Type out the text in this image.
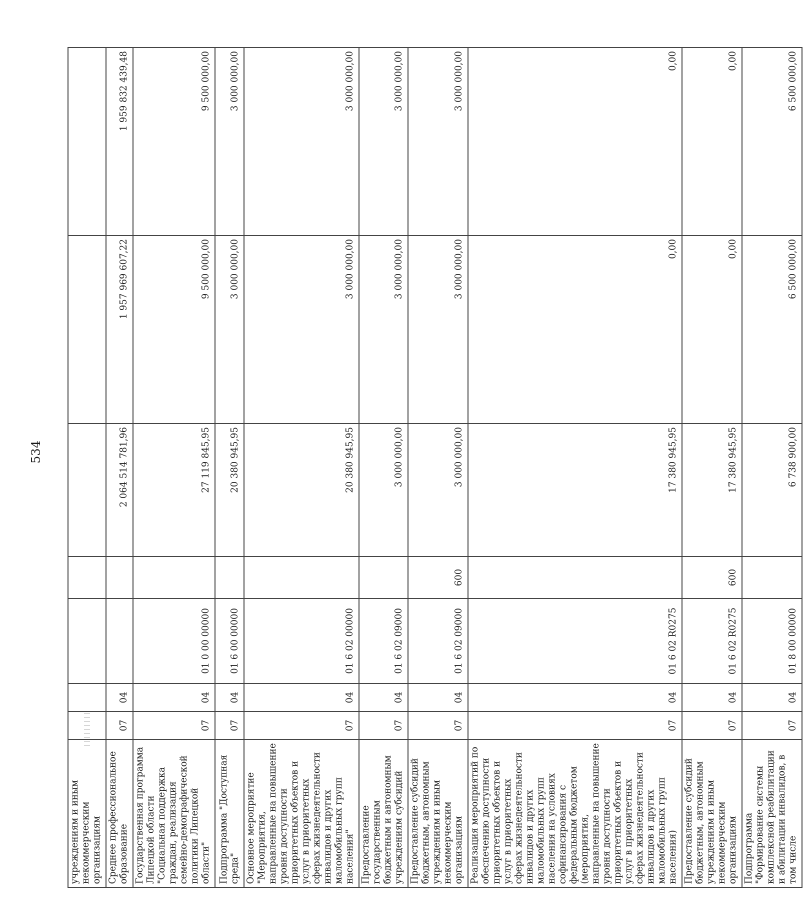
534
учреждениям и иным некоммерческим организациям							
Среднее профессиональное образование	07	04			2 064 514 781,96	1 957 969 607,22	1 959 832 439,48
Государственная программа Липецкой области "Социальная поддержка граждан, реализация семейно-демографической политики Липецкой области"	07	04	01 0 00 00000		27 119 845,95	9 500 000,00	9 500 000,00
Подпрограмма "Доступная среда"	07	04	01 6 00 00000		20 380 945,95	3 000 000,00	3 000 000,00
Основное мероприятие "Мероприятия, направленные на повышение уровня доступности приоритетных объектов и услуг в приоритетных сферах жизнедеятельности инвалидов и других маломобильных групп населения"	07	04	01 6 02 00000		20 380 945,95	3 000 000,00	3 000 000,00
Предоставление государственным бюджетным и автономным учреждениям субсидий	07	04	01 6 02 09000		3 000 000,00	3 000 000,00	3 000 000,00
Предоставление субсидий бюджетным, автономным учреждениям и иным некоммерческим организациям	07	04	01 6 02 09000	600	3 000 000,00	3 000 000,00	3 000 000,00
Реализация мероприятий по обеспечению доступности приоритетных объектов и услуг в приоритетных сферах жизнедеятельности инвалидов и других маломобильных групп населения на условиях софинансирования с федеральным бюджетом (мероприятия, направленные на повышение уровня доступности приоритетных объектов и услуг в приоритетных сферах жизнедеятельности инвалидов и других маломобильных групп населения)	07	04	01 6 02 R0275		17 380 945,95	0,00	0,00
Предоставление субсидий бюджетным, автономным учреждениям и иным некоммерческим организациям	07	04	01 6 02 R0275	600	17 380 945,95	0,00	0,00
Подпрограмма "Формирование системы комплексной реабилитации и абилитации инвалидов, в том числе	07	04	01 8 00 00000		6 738 900,00	6 500 000,00	6 500 000,00
